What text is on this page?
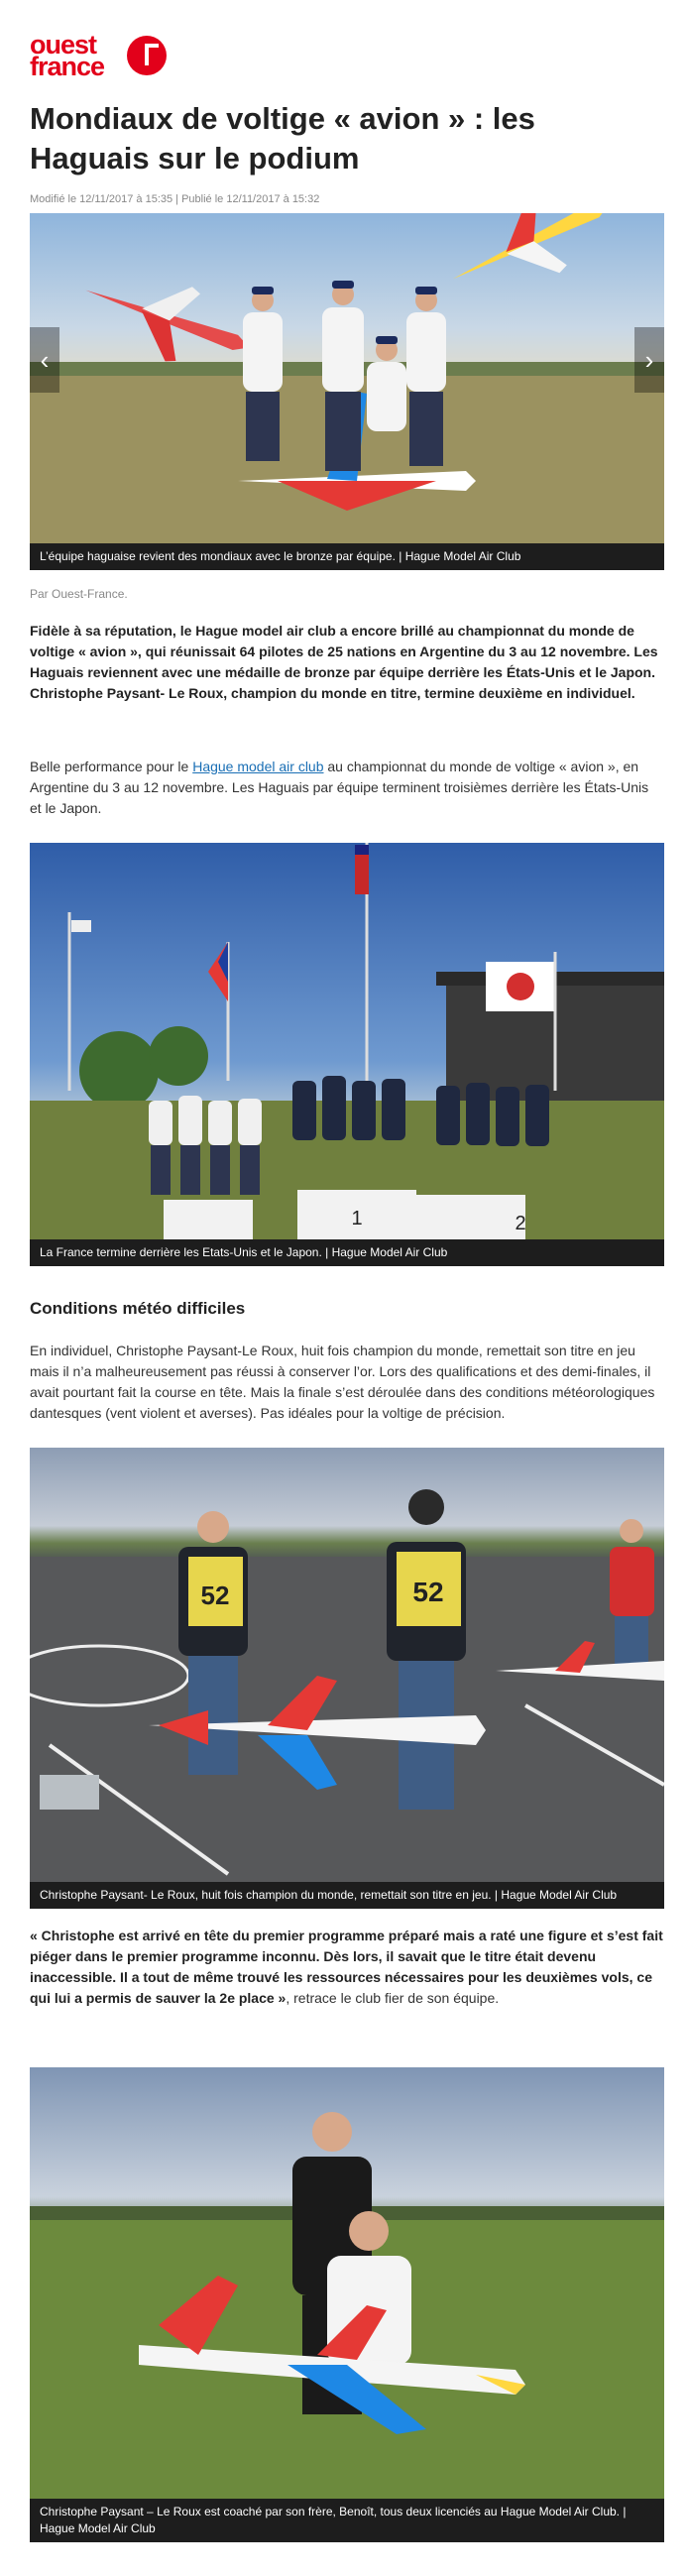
ouest
france
Mondiaux de voltige « avion » : les Haguais sur le podium
Modifié le 12/11/2017 à 15:35 | Publié le 12/11/2017 à 15:32
‹	›
L’équipe haguaise revient des mondiaux avec le bronze par équipe. | Hague Model Air Club
Par Ouest-France.
Fidèle à sa réputation, le Hague model air club a encore brillé au championnat du monde de voltige « avion », qui réunissait 64 pilotes de 25 nations en Argentine du 3 au 12 novembre. Les Haguais reviennent avec une médaille de bronze par équipe derrière les États-Unis et le Japon. Christophe Paysant- Le Roux, champion du monde en titre, termine deuxième en individuel.
Belle performance pour le Hague model air club au championnat du monde de voltige « avion », en Argentine du 3 au 12 novembre. Les Haguais par équipe terminent troisièmes derrière les États-Unis et le Japon.
1	2
La France termine derrière les Etats-Unis et le Japon. | Hague Model Air Club
Conditions météo difficiles
En individuel, Christophe Paysant-Le Roux, huit fois champion du monde, remettait son titre en jeu mais il n’a malheureusement pas réussi à conserver l’or. Lors des qualifications et des demi-finales, il avait pourtant fait la course en tête. Mais la finale s’est déroulée dans des conditions météorologiques dantesques (vent violent et averses). Pas idéales pour la voltige de précision.
52	52
Christophe Paysant- Le Roux, huit fois champion du monde, remettait son titre en jeu. | Hague Model Air Club
« Christophe est arrivé en tête du premier programme préparé mais a raté une figure et s’est fait piéger dans le premier programme inconnu. Dès lors, il savait que le titre était devenu inaccessible. Il a tout de même trouvé les ressources nécessaires pour les deuxièmes vols, ce qui lui a permis de sauver la 2e place », retrace le club fier de son équipe.
Christophe Paysant – Le Roux est coaché par son frère, Benoît, tous deux licenciés au Hague Model Air Club. | Hague Model Air Club
